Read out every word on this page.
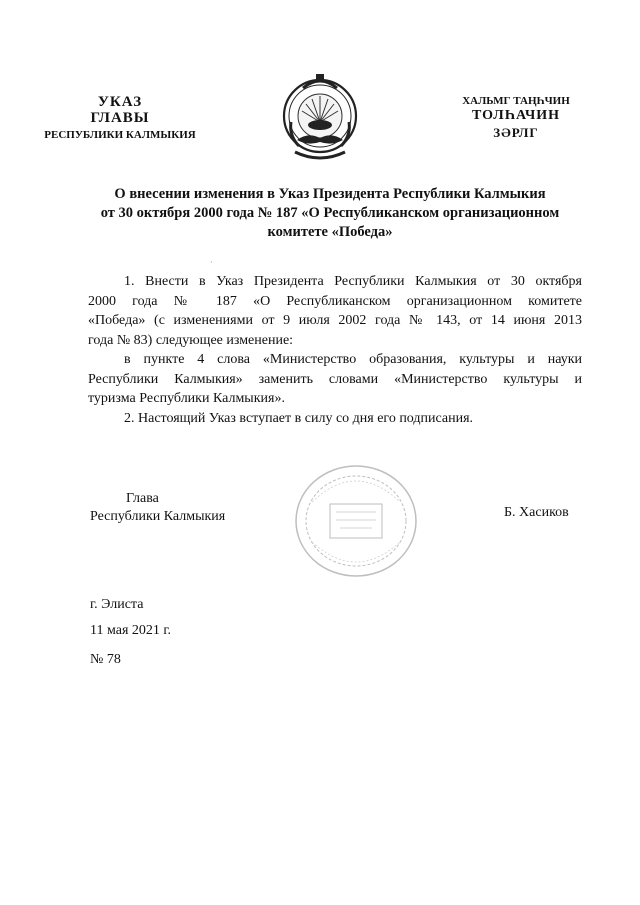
УКАЗ
ГЛАВЫ
РЕСПУБЛИКИ КАЛМЫКИЯ
ХАЛЬМГ ТАҢҺЧИН
ТОЛҺАЧИН
ЗӘРЛГ
О внесении изменения в Указ Президента Республики Калмыкия
от 30 октября 2000 года № 187 «О Республиканском организационном
комитете «Победа»
·
1. Внести в Указ Президента Республики Калмыкия от 30 октября
2000 года № 187 «О Республиканском организационном комитете
«Победа» (с изменениями от 9 июля 2002 года № 143, от 14 июня 2013
года № 83) следующее изменение:
в пункте 4 слова «Министерство образования, культуры и науки
Республики Калмыкия» заменить словами «Министерство культуры и
туризма Республики Калмыкия».
2. Настоящий Указ вступает в силу со дня его подписания.
Глава
Республики Калмыкия	Б. Хасиков
г. Элиста
11 мая 2021 г.
№ 78
